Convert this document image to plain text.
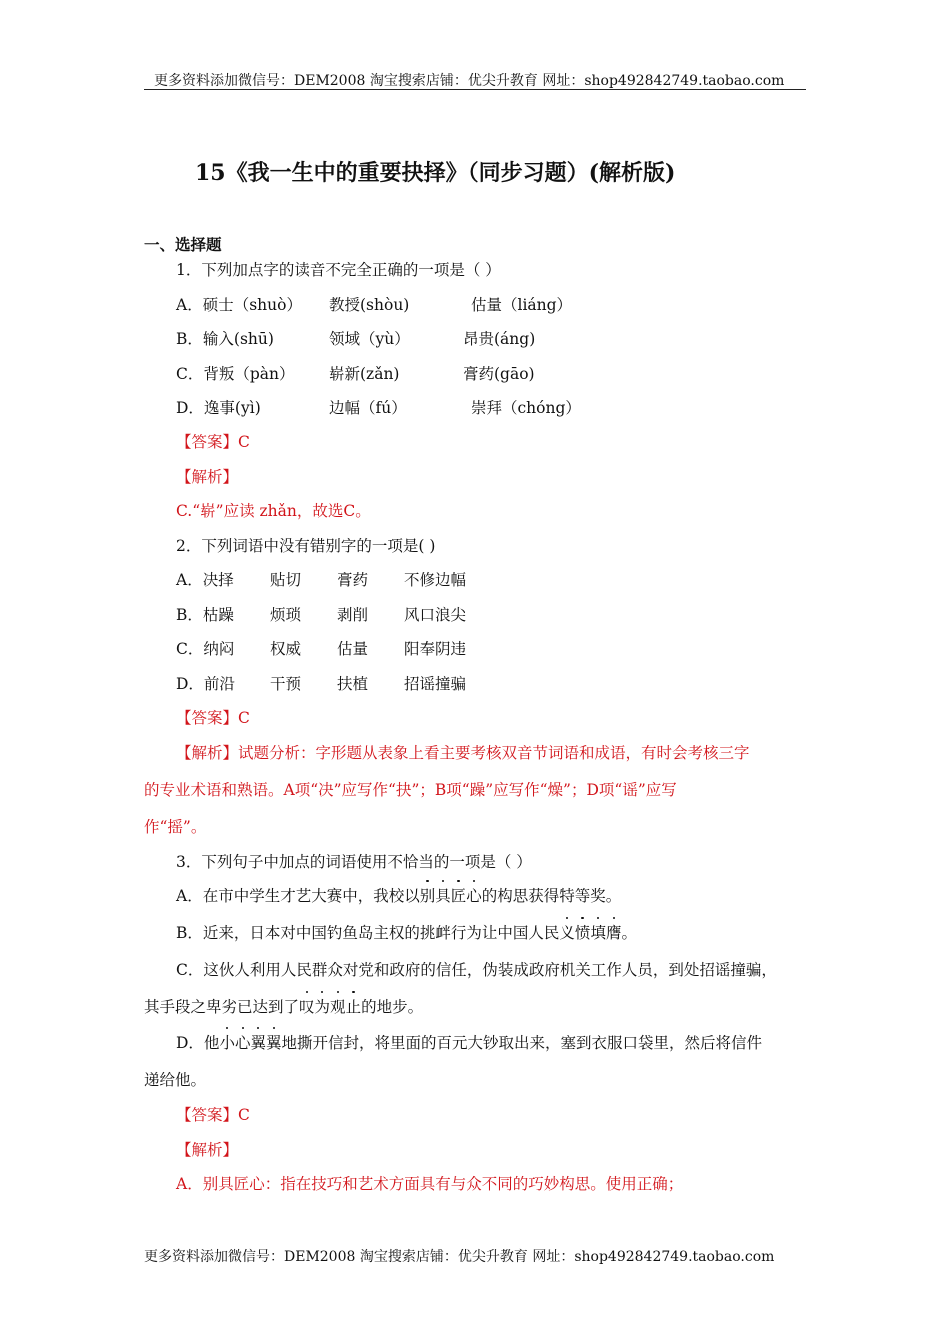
更多资料添加微信号：DEM2008 淘宝搜索店铺：优尖升教育 网址：shop492842749.taobao.com
15《我一生中的重要抉择》（同步习题）(解析版)
一、选择题
1．下列加点字的读音不完全正确的一项是（ ）
A．硕士（shuò） 教授(shòu)	估量（liáng）
B．输入(shū)	领域（yù）	昂贵(áng)
C．背叛（pàn） 崭新(zǎn)	膏药(gāo)
D．逸事(yì)	边幅（fú）	崇拜（chóng）
【答案】C
【解析】
C.“崭”应读 zhǎn，故选C。
2．下列词语中没有错别字的一项是( )
A．决择 贴切 膏药 不修边幅
B．枯躁 烦琐 剥削 风口浪尖
C．纳闷 权威 估量 阳奉阴违
D．前沿 干预 扶植 招谣撞骗
【答案】C
【解析】试题分析：字形题从表象上看主要考核双音节词语和成语，有时会考核三字
的专业术语和熟语。A项“决”应写作“抉”；B项“躁”应写作“燥”；D项“谣”应写
作“摇”。
3．下列句子中加点的词语使用不恰当的一项是（ ）
A．在市中学生才艺大赛中，我校以别具匠心的构思获得特等奖。
B．近来，日本对中国钓鱼岛主权的挑衅行为让中国人民义愤填膺。
C．这伙人利用人民群众对党和政府的信任，伪装成政府机关工作人员，到处招谣撞骗，
其手段之卑劣已达到了叹为观止的地步。
D．他小心翼翼地撕开信封，将里面的百元大钞取出来，塞到衣服口袋里，然后将信件
递给他。
【答案】C
【解析】
A．别具匠心：指在技巧和艺术方面具有与众不同的巧妙构思。使用正确；
更多资料添加微信号：DEM2008 淘宝搜索店铺：优尖升教育 网址：shop492842749.taobao.com
